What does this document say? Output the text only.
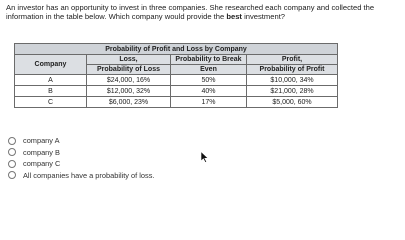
An investor has an opportunity to invest in three companies. She researched each company and collected the information in the table below. Which company would provide the best investment?
Probability of Profit and Loss by Company			
Company	Loss,	Probability to Break	Profit,
	Probability of Loss	Even	Probability of Profit
A	$24,000, 16%	50%	$10,000, 34%
B	$12,000, 32%	40%	$21,000, 28%
C	$6,000, 23%	17%	$5,000, 60%
company A
company B
company C
All companies have a probability of loss.
